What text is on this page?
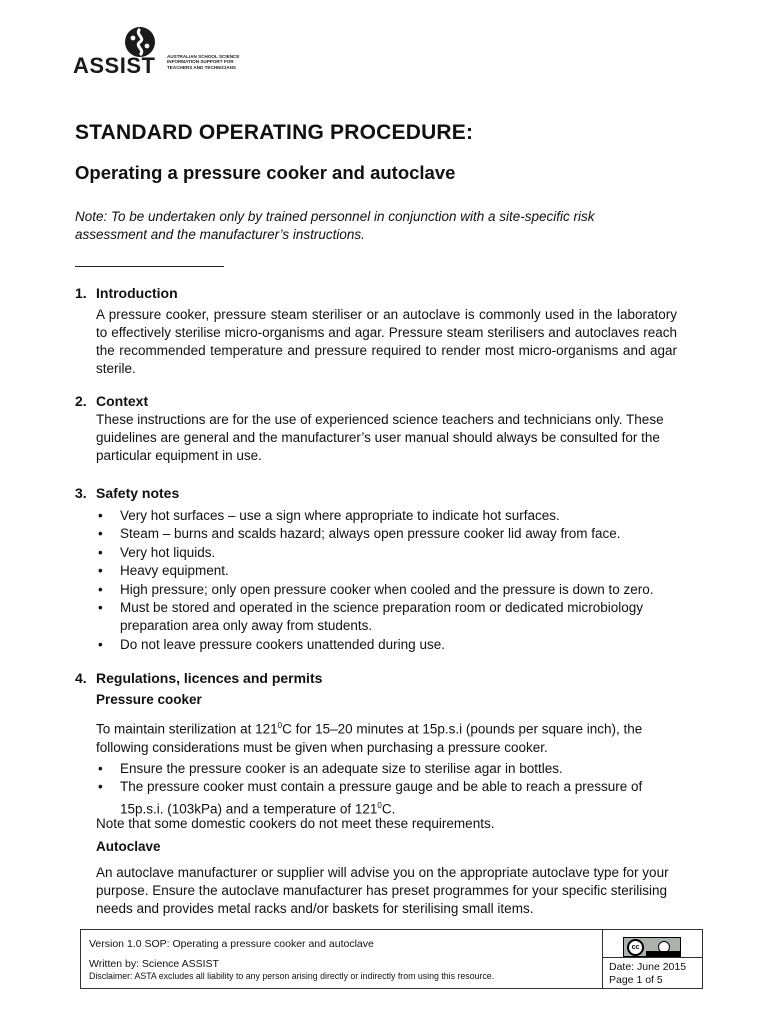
ASSIST	AUSTRALIAN SCHOOL SCIENCE INFORMATION SUPPORT FOR TEACHERS AND TECHNICIANS
STANDARD OPERATING PROCEDURE:
Operating a pressure cooker and autoclave
Note: To be undertaken only by trained personnel in conjunction with a site-specific risk assessment and the manufacturer’s instructions.
1. Introduction
A pressure cooker, pressure steam steriliser or an autoclave is commonly used in the laboratory to effectively sterilise micro-organisms and agar. Pressure steam sterilisers and autoclaves reach the recommended temperature and pressure required to render most micro-organisms and agar sterile.
2. Context
These instructions are for the use of experienced science teachers and technicians only. These guidelines are general and the manufacturer’s user manual should always be consulted for the particular equipment in use.
3. Safety notes
• Very hot surfaces – use a sign where appropriate to indicate hot surfaces.
• Steam – burns and scalds hazard; always open pressure cooker lid away from face.
• Very hot liquids.
• Heavy equipment.
• High pressure; only open pressure cooker when cooled and the pressure is down to zero.
• Must be stored and operated in the science preparation room or dedicated microbiology preparation area only away from students.
• Do not leave pressure cookers unattended during use.
4. Regulations, licences and permits
Pressure cooker
To maintain sterilization at $121^0C$ for 15–20 minutes at 15p.s.i (pounds per square inch), the following considerations must be given when purchasing a pressure cooker.
• Ensure the pressure cooker is an adequate size to sterilise agar in bottles.
• The pressure cooker must contain a pressure gauge and be able to reach a pressure of 15p.s.i. (103kPa) and a temperature of $121^0C$.
Note that some domestic cookers do not meet these requirements.
Autoclave
An autoclave manufacturer or supplier will advise you on the appropriate autoclave type for your purpose. Ensure the autoclave manufacturer has preset programmes for your specific sterilising needs and provides metal racks and/or baskets for sterilising small items.
Version 1.0 SOP: Operating a pressure cooker and autoclave
Written by: Science ASSIST
Disclaimer: ASTA excludes all liability to any person arising directly or indirectly from using this resource.
cc
Date: June 2015
Page 1 of 5
